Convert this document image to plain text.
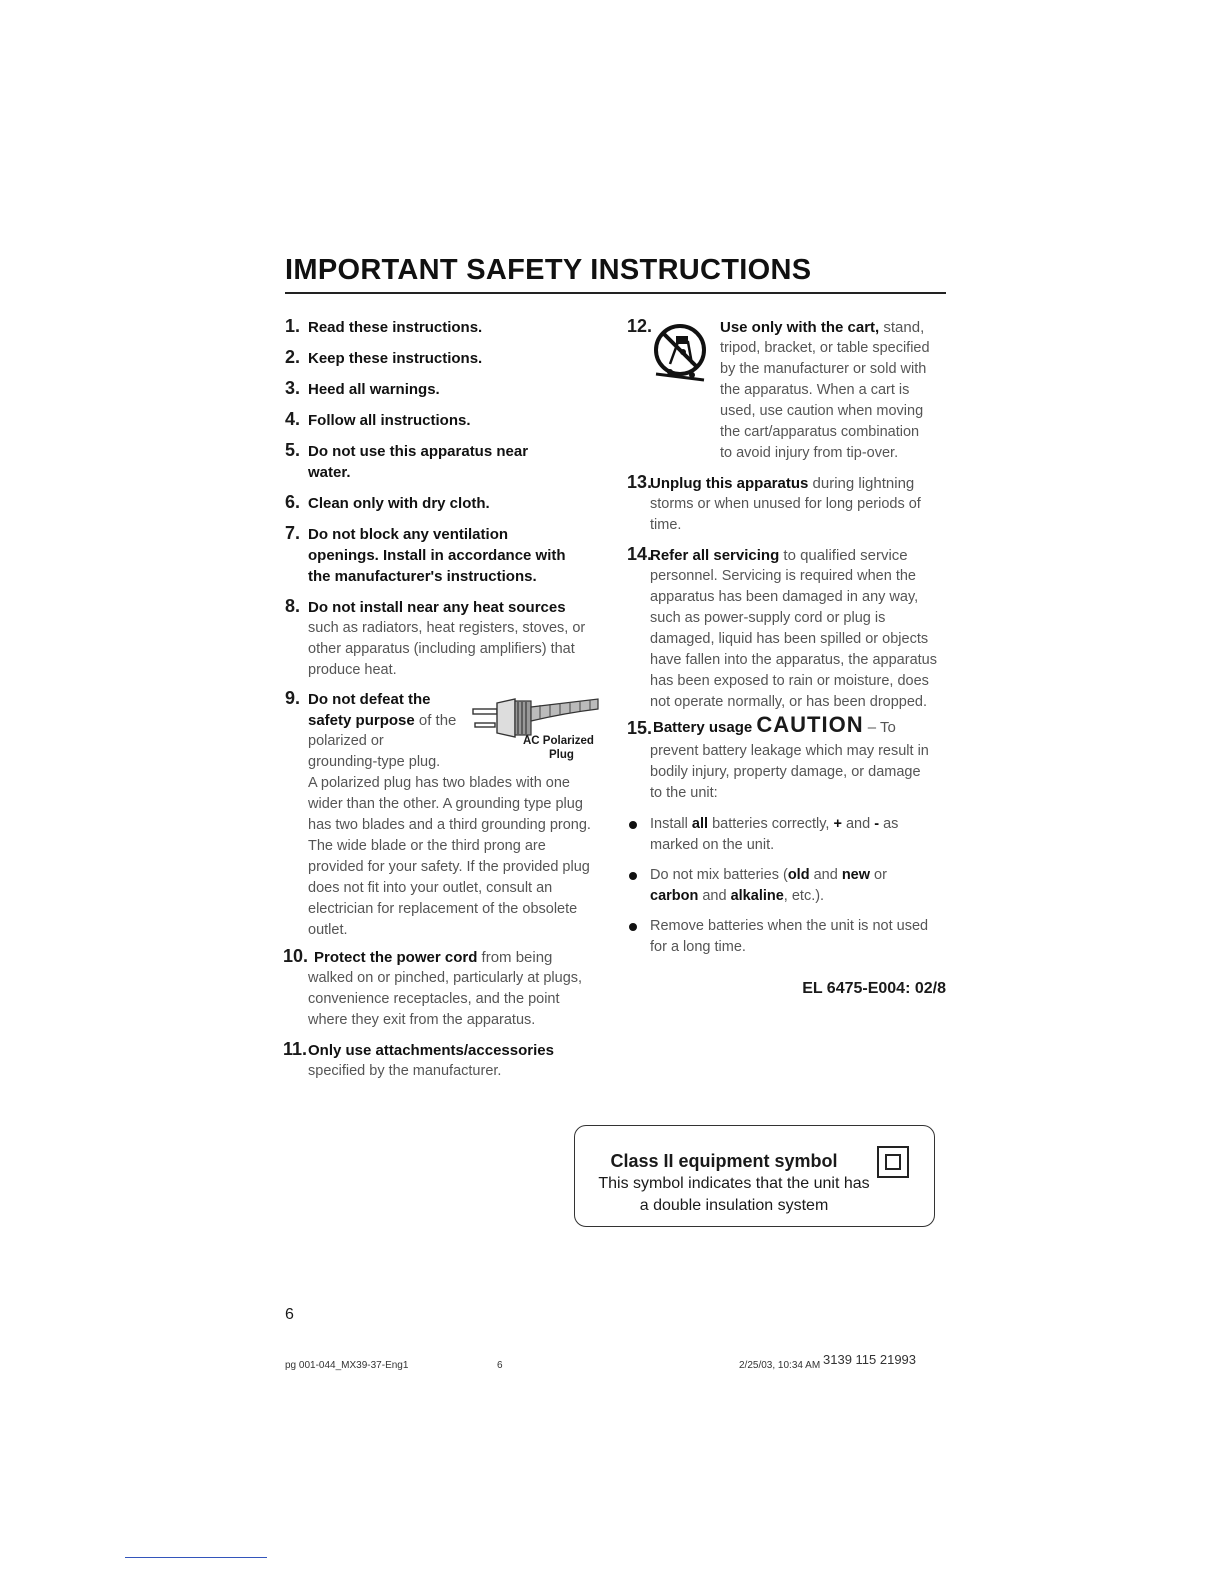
IMPORTANT SAFETY INSTRUCTIONS
1. Read these instructions.
2. Keep these instructions.
3. Heed all warnings.
4. Follow all instructions.
5. Do not use this apparatus near
water.
6. Clean only with dry cloth.
7. Do not block any ventilation
openings. Install in accordance with
the manufacturer's instructions.
8. Do not install near any heat sources
such as radiators, heat registers, stoves, or
other apparatus (including amplifiers) that
produce heat.
9. Do not defeat the
safety purpose of the
polarized or
grounding-type plug.
A polarized plug has two blades with one
wider than the other. A grounding type plug
has two blades and a third grounding prong.
The wide blade or the third prong are
provided for your safety. If the provided plug
does not fit into your outlet, consult an
electrician for replacement of the obsolete
outlet.
AC Polarized
Plug
10. Protect the power cord from being
walked on or pinched, particularly at plugs,
convenience receptacles, and the point
where they exit from the apparatus.
11. Only use attachments/accessories
specified by the manufacturer.
12.	Use only with the cart, stand,
tripod, bracket, or table specified
by the manufacturer or sold with
the apparatus. When a cart is
used, use caution when moving
the cart/apparatus combination
to avoid injury from tip-over.
13.
Unplug this apparatus during lightning
storms or when unused for long periods of
time.
14.
Refer all servicing to qualified service
personnel. Servicing is required when the
apparatus has been damaged in any way,
such as power-supply cord or plug is
damaged, liquid has been spilled or objects
have fallen into the apparatus, the apparatus
has been exposed to rain or moisture, does
not operate normally, or has been dropped.
15. Battery usage CAUTION – To
prevent battery leakage which may result in
bodily injury, property damage, or damage
to the unit:
Install all batteries correctly, + and - as
marked on the unit.
Do not mix batteries (old and new or
carbon and alkaline, etc.).
Remove batteries when the unit is not used
for a long time.
EL 6475-E004: 02/8
Class II equipment symbol
This symbol indicates that the unit has
a double insulation system
6
pg 001-044_MX39-37-Eng1	6	2/25/03, 10:34 AM 3139 115 21993
